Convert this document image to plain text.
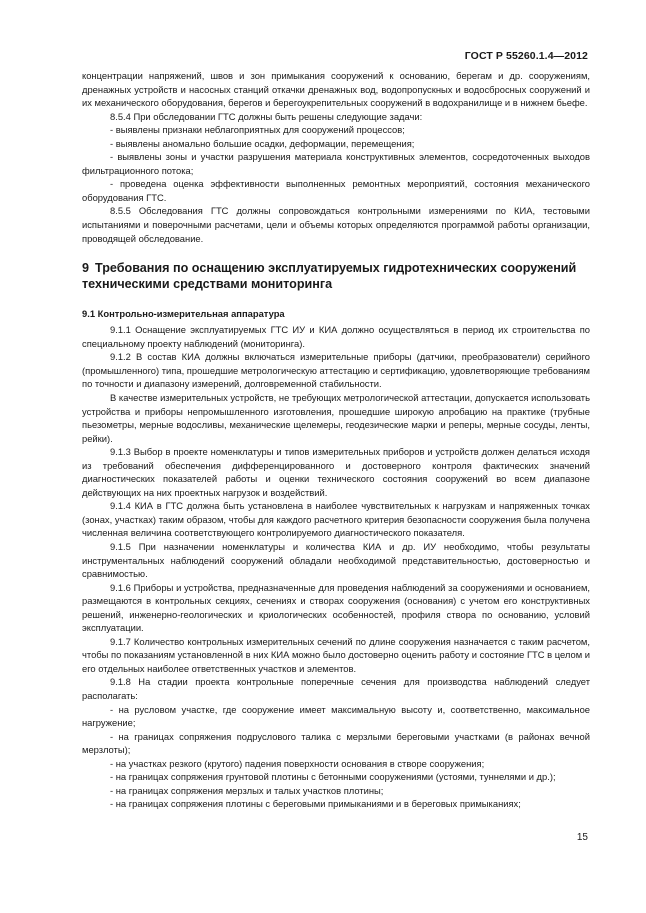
ГОСТ Р 55260.1.4—2012

концентрации напряжений, швов и зон примыкания сооружений к основанию, берегам и др. сооружениям, дренажных устройств и насосных станций откачки дренажных вод, водопропускных и водосбросных сооружений и их механического оборудования, берегов и берегоукрепительных сооружений в водохранилище и в нижнем бьефе.

8.5.4 При обследовании ГТС должны быть решены следующие задачи:

- выявлены признаки неблагоприятных для сооружений процессов;

- выявлены аномально большие осадки, деформации, перемещения;

- выявлены зоны и участки разрушения материала конструктивных элементов, сосредоточенных выходов фильтрационного потока;

- проведена оценка эффективности выполненных ремонтных мероприятий, состояния механического оборудования ГТС.

8.5.5 Обследования ГТС должны сопровождаться контрольными измерениями по КИА, тестовыми испытаниями и поверочными расчетами, цели и объемы которых определяются программой работы организации, проводящей обследование.

9 Требования по оснащению эксплуатируемых гидротехнических сооружений техническими средствами мониторинга

9.1 Контрольно-измерительная аппаратура

9.1.1 Оснащение эксплуатируемых ГТС ИУ и КИА должно осуществляться в период их строительства по специальному проекту наблюдений (мониторинга).

9.1.2 В состав КИА должны включаться измерительные приборы (датчики, преобразователи) серийного (промышленного) типа, прошедшие метрологическую аттестацию и сертификацию, удовлетворяющие требованиям по точности и диапазону измерений, долговременной стабильности.

В качестве измерительных устройств, не требующих метрологической аттестации, допускается использовать устройства и приборы непромышленного изготовления, прошедшие широкую апробацию на практике (трубные пьезометры, мерные водосливы, механические щелемеры, геодезические марки и реперы, мерные сосуды, ленты, рейки).

9.1.3 Выбор в проекте номенклатуры и типов измерительных приборов и устройств должен делаться исходя из требований обеспечения дифференцированного и достоверного контроля фактических значений диагностических показателей работы и оценки технического состояния сооружений во всем диапазоне действующих на них проектных нагрузок и воздействий.

9.1.4 КИА в ГТС должна быть установлена в наиболее чувствительных к нагрузкам и напряженных точках (зонах, участках) таким образом, чтобы для каждого расчетного критерия безопасности сооружения была получена численная величина соответствующего контролируемого диагностического показателя.

9.1.5 При назначении номенклатуры и количества КИА и др. ИУ необходимо, чтобы результаты инструментальных наблюдений сооружений обладали необходимой представительностью, достоверностью и сравнимостью.

9.1.6 Приборы и устройства, предназначенные для проведения наблюдений за сооружениями и основанием, размещаются в контрольных секциях, сечениях и створах сооружения (основания) с учетом его конструктивных решений, инженерно-геологических и криологических особенностей, профиля створа по основанию, условий эксплуатации.

9.1.7 Количество контрольных измерительных сечений по длине сооружения назначается с таким расчетом, чтобы по показаниям установленной в них КИА можно было достоверно оценить работу и состояние ГТС в целом и его отдельных наиболее ответственных участков и элементов.

9.1.8 На стадии проекта контрольные поперечные сечения для производства наблюдений следует располагать:

- на русловом участке, где сооружение имеет максимальную высоту и, соответственно, максимальное нагружение;

- на границах сопряжения подруслового талика с мерзлыми береговыми участками (в районах вечной мерзлоты);

- на участках резкого (крутого) падения поверхности основания в створе сооружения;

- на границах сопряжения грунтовой плотины с бетонными сооружениями (устоями, туннелями и др.);

- на границах сопряжения мерзлых и талых участков плотины;

- на границах сопряжения плотины с береговыми примыканиями и в береговых примыканиях;

15
